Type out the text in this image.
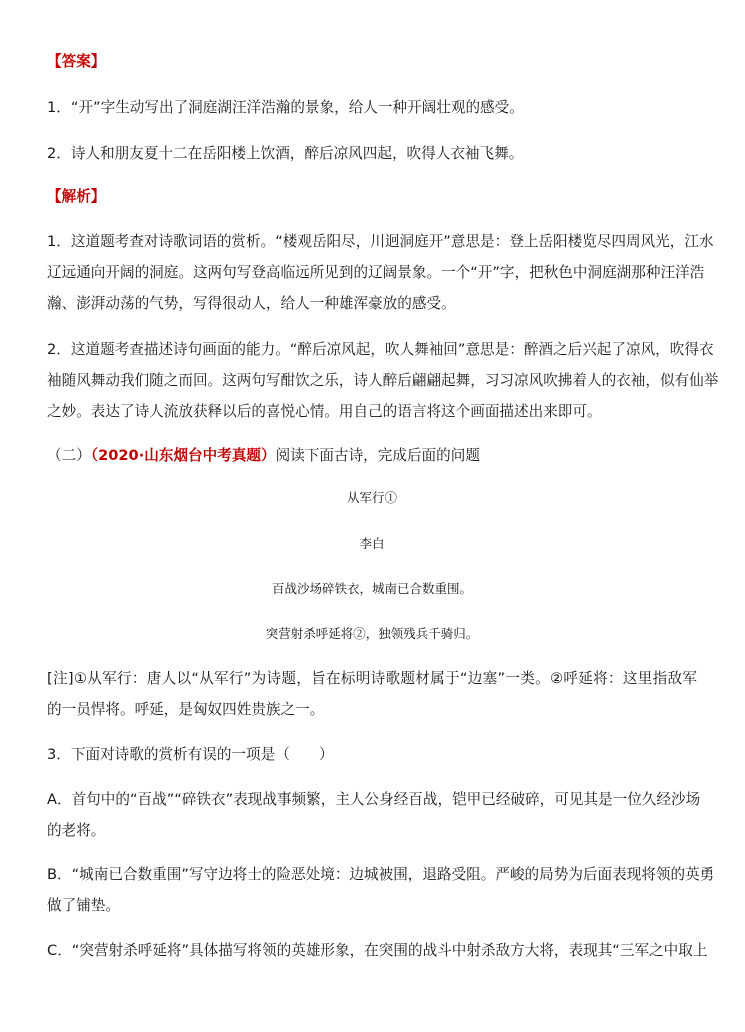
【答案】
1．“开”字生动写出了洞庭湖汪洋浩瀚的景象，给人一种开阔壮观的感受。
2．诗人和朋友夏十二在岳阳楼上饮酒，醉后凉风四起，吹得人衣袖飞舞。
【解析】
1．这道题考查对诗歌词语的赏析。“楼观岳阳尽，川迥洞庭开”意思是：登上岳阳楼览尽四周风光，江水
辽远通向开阔的洞庭。这两句写登高临远所见到的辽阔景象。一个“开”字，把秋色中洞庭湖那种汪洋浩
瀚、澎湃动荡的气势，写得很动人，给人一种雄浑豪放的感受。
2．这道题考查描述诗句画面的能力。“醉后凉风起，吹人舞袖回”意思是：醉酒之后兴起了凉风，吹得衣
袖随风舞动我们随之而回。这两句写酣饮之乐，诗人醉后翩翩起舞，习习凉风吹拂着人的衣袖，似有仙举
之妙。表达了诗人流放获释以后的喜悦心情。用自己的语言将这个画面描述出来即可。
（二）（2020·山东烟台中考真题）阅读下面古诗，完成后面的问题
从军行①
李白
百战沙场碎铁衣，城南已合数重围。
突营射杀呼延将②，独领残兵千骑归。
[注]①从军行：唐人以“从军行”为诗题，旨在标明诗歌题材属于“边塞”一类。②呼延将：这里指敌军
的一员悍将。呼延，是匈奴四姓贵族之一。
3．下面对诗歌的赏析有误的一项是（　　）
A．首句中的“百战”“碎铁衣”表现战事频繁，主人公身经百战，铠甲已经破碎，可见其是一位久经沙场
的老将。
B．“城南已合数重围”写守边将士的险恶处境：边城被围，退路受阻。严峻的局势为后面表现将领的英勇
做了铺垫。
C．“突营射杀呼延将”具体描写将领的英雄形象，在突围的战斗中射杀敌方大将，表现其“三军之中取上
